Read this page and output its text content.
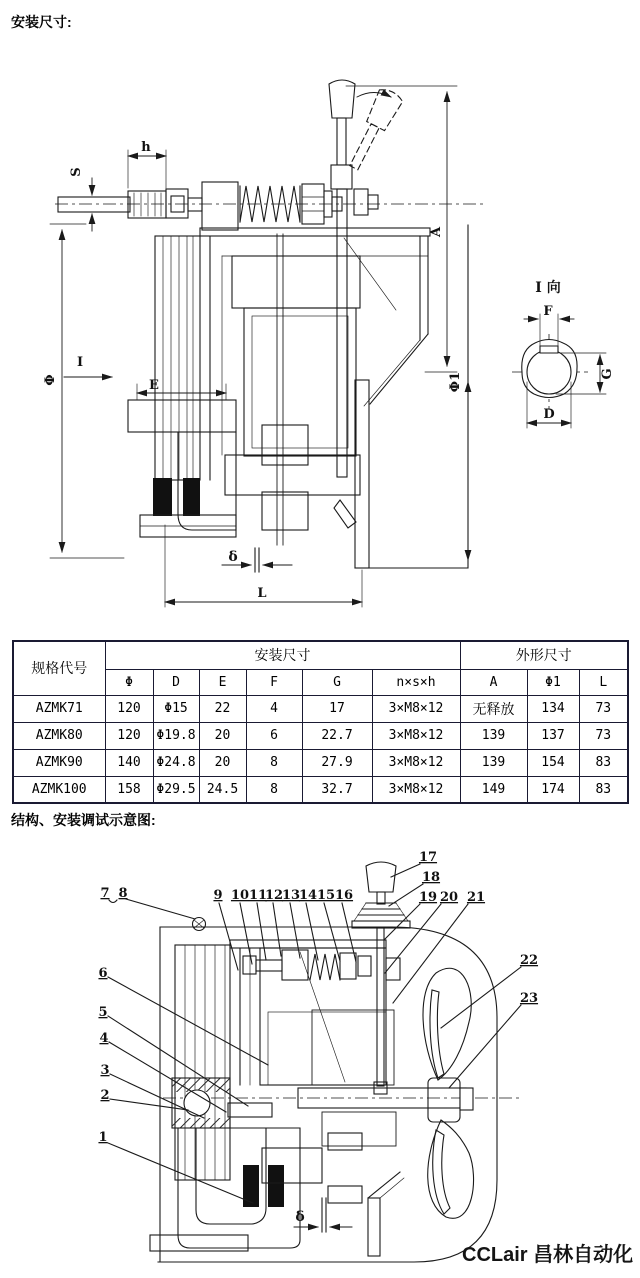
安装尺寸:
S
h
A
Φ1
Φ
I
E
δ
L
I 向
F
G
D
规格代号	安装尺寸						外形尺寸		
	Φ	D	E	F	G	n×s×h	A	Φ1	L
AZMK71	120	Φ15	22	4	17	3×M8×12	无释放	134	73
AZMK80	120	Φ19.8	20	6	22.7	3×M8×12	139	137	73
AZMK90	140	Φ24.8	20	8	27.9	3×M8×12	139	154	83
AZMK100	158	Φ29.5	24.5	8	32.7	3×M8×12	149	174	83
结构、安装调试示意图:
δ
1
2
3
4
5
6
7 8	9 10 11
12
13
14 15 16
17
18
19 20 21
22
23
CCLair 昌林自动化
